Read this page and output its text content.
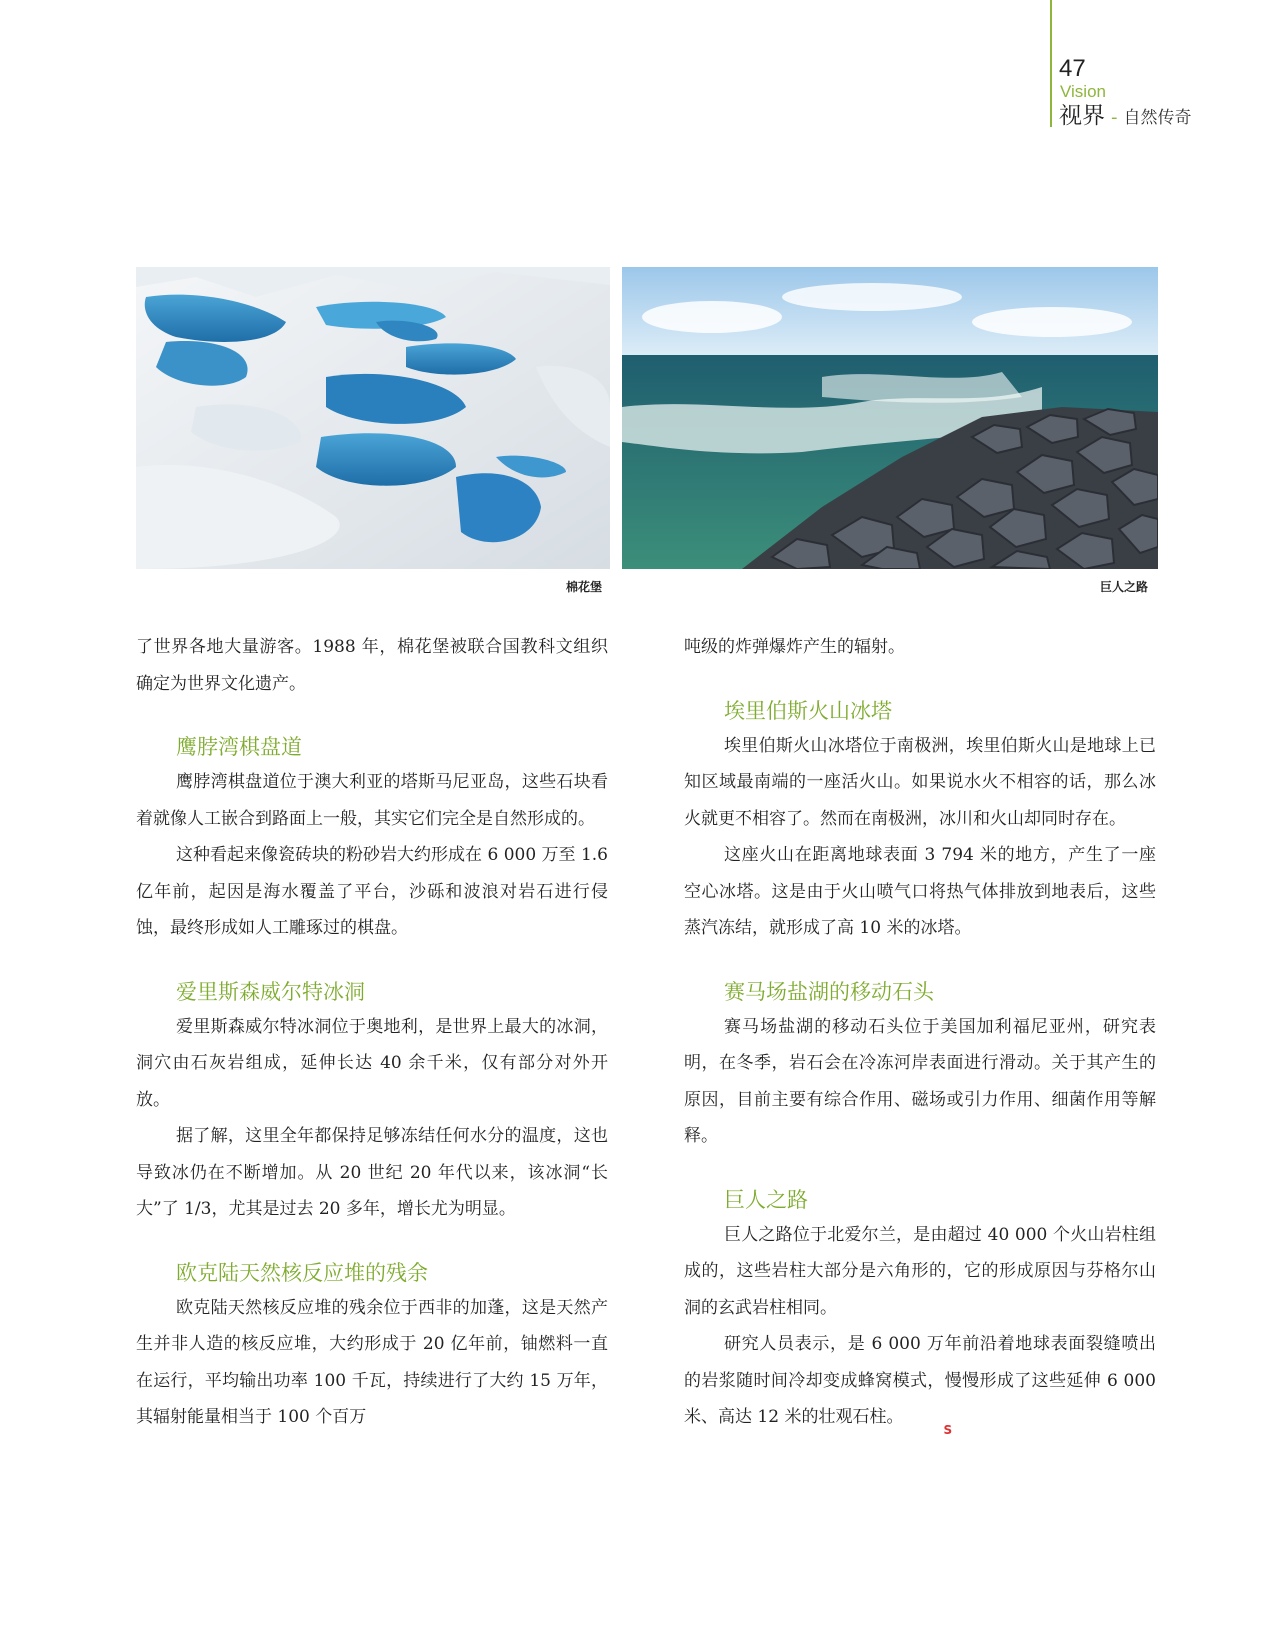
47
Vision
视界 - 自然传奇
棉花堡	巨人之路

了世界各地大量游客。1988 年，棉花堡被联合国教科文组织确定为世界文化遗产。

鹰脖湾棋盘道

鹰脖湾棋盘道位于澳大利亚的塔斯马尼亚岛，这些石块看着就像人工嵌合到路面上一般，其实它们完全是自然形成的。

这种看起来像瓷砖块的粉砂岩大约形成在 6 000 万至 1.6 亿年前，起因是海水覆盖了平台，沙砾和波浪对岩石进行侵蚀，最终形成如人工雕琢过的棋盘。

爱里斯森威尔特冰洞

爱里斯森威尔特冰洞位于奥地利，是世界上最大的冰洞，洞穴由石灰岩组成，延伸长达 40 余千米，仅有部分对外开放。

据了解，这里全年都保持足够冻结任何水分的温度，这也导致冰仍在不断增加。从 20 世纪 20 年代以来，该冰洞“长大”了 1/3，尤其是过去 20 多年，增长尤为明显。

欧克陆天然核反应堆的残余

欧克陆天然核反应堆的残余位于西非的加蓬，这是天然产生并非人造的核反应堆，大约形成于 20 亿年前，铀燃料一直在运行，平均输出功率 100 千瓦，持续进行了大约 15 万年，其辐射能量相当于 100 个百万

吨级的炸弹爆炸产生的辐射。

埃里伯斯火山冰塔

埃里伯斯火山冰塔位于南极洲，埃里伯斯火山是地球上已知区域最南端的一座活火山。如果说水火不相容的话，那么冰火就更不相容了。然而在南极洲，冰川和火山却同时存在。

这座火山在距离地球表面 3 794 米的地方，产生了一座空心冰塔。这是由于火山喷气口将热气体排放到地表后，这些蒸汽冻结，就形成了高 10 米的冰塔。

赛马场盐湖的移动石头

赛马场盐湖的移动石头位于美国加利福尼亚州，研究表明，在冬季，岩石会在冷冻河岸表面进行滑动。关于其产生的原因，目前主要有综合作用、磁场或引力作用、细菌作用等解释。

巨人之路

巨人之路位于北爱尔兰，是由超过 40 000 个火山岩柱组成的，这些岩柱大部分是六角形的，它的形成原因与芬格尔山洞的玄武岩柱相同。

研究人员表示，是 6 000 万年前沿着地球表面裂缝喷出的岩浆随时间冷却变成蜂窝模式，慢慢形成了这些延伸 6 000 米、高达 12 米的壮观石柱。S
